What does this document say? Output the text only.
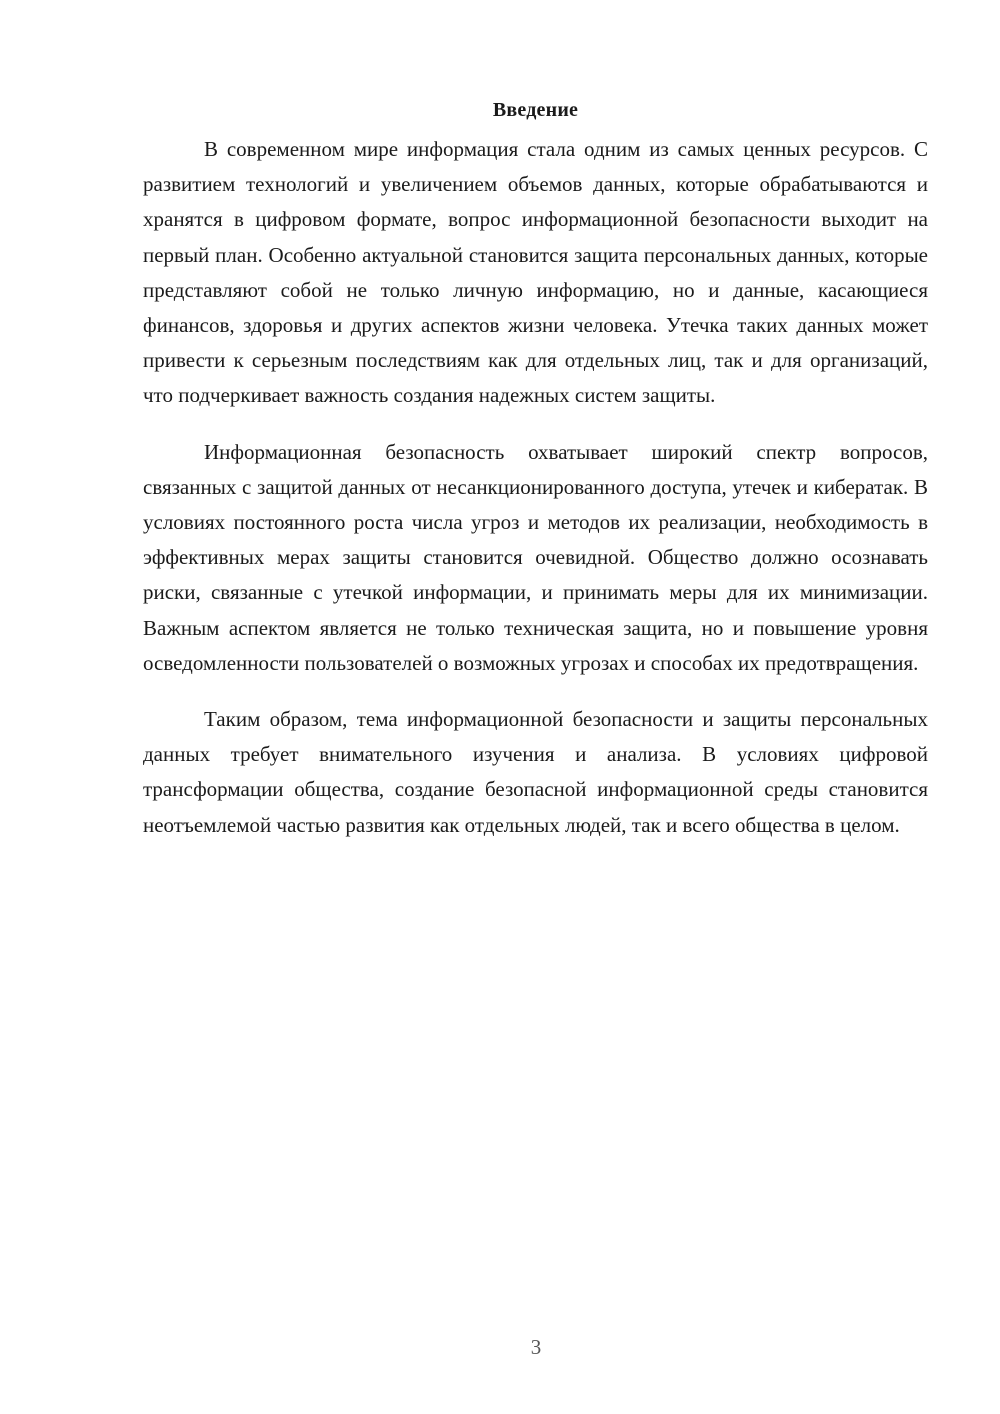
Введение

В современном мире информация стала одним из самых ценных ресурсов. С развитием технологий и увеличением объемов данных, которые обрабатываются и хранятся в цифровом формате, вопрос информационной безопасности выходит на первый план. Особенно актуальной становится защита персональных данных, которые представляют собой не только личную информацию, но и данные, касающиеся финансов, здоровья и других аспектов жизни человека. Утечка таких данных может привести к серьезным последствиям как для отдельных лиц, так и для организаций, что подчеркивает важность создания надежных систем защиты.

Информационная безопасность охватывает широкий спектр вопросов, связанных с защитой данных от несанкционированного доступа, утечек и кибератак. В условиях постоянного роста числа угроз и методов их реализации, необходимость в эффективных мерах защиты становится очевидной. Общество должно осознавать риски, связанные с утечкой информации, и принимать меры для их минимизации. Важным аспектом является не только техническая защита, но и повышение уровня осведомленности пользователей о возможных угрозах и способах их предотвращения.

Таким образом, тема информационной безопасности и защиты персональных данных требует внимательного изучения и анализа. В условиях цифровой трансформации общества, создание безопасной информационной среды становится неотъемлемой частью развития как отдельных людей, так и всего общества в целом.

3
